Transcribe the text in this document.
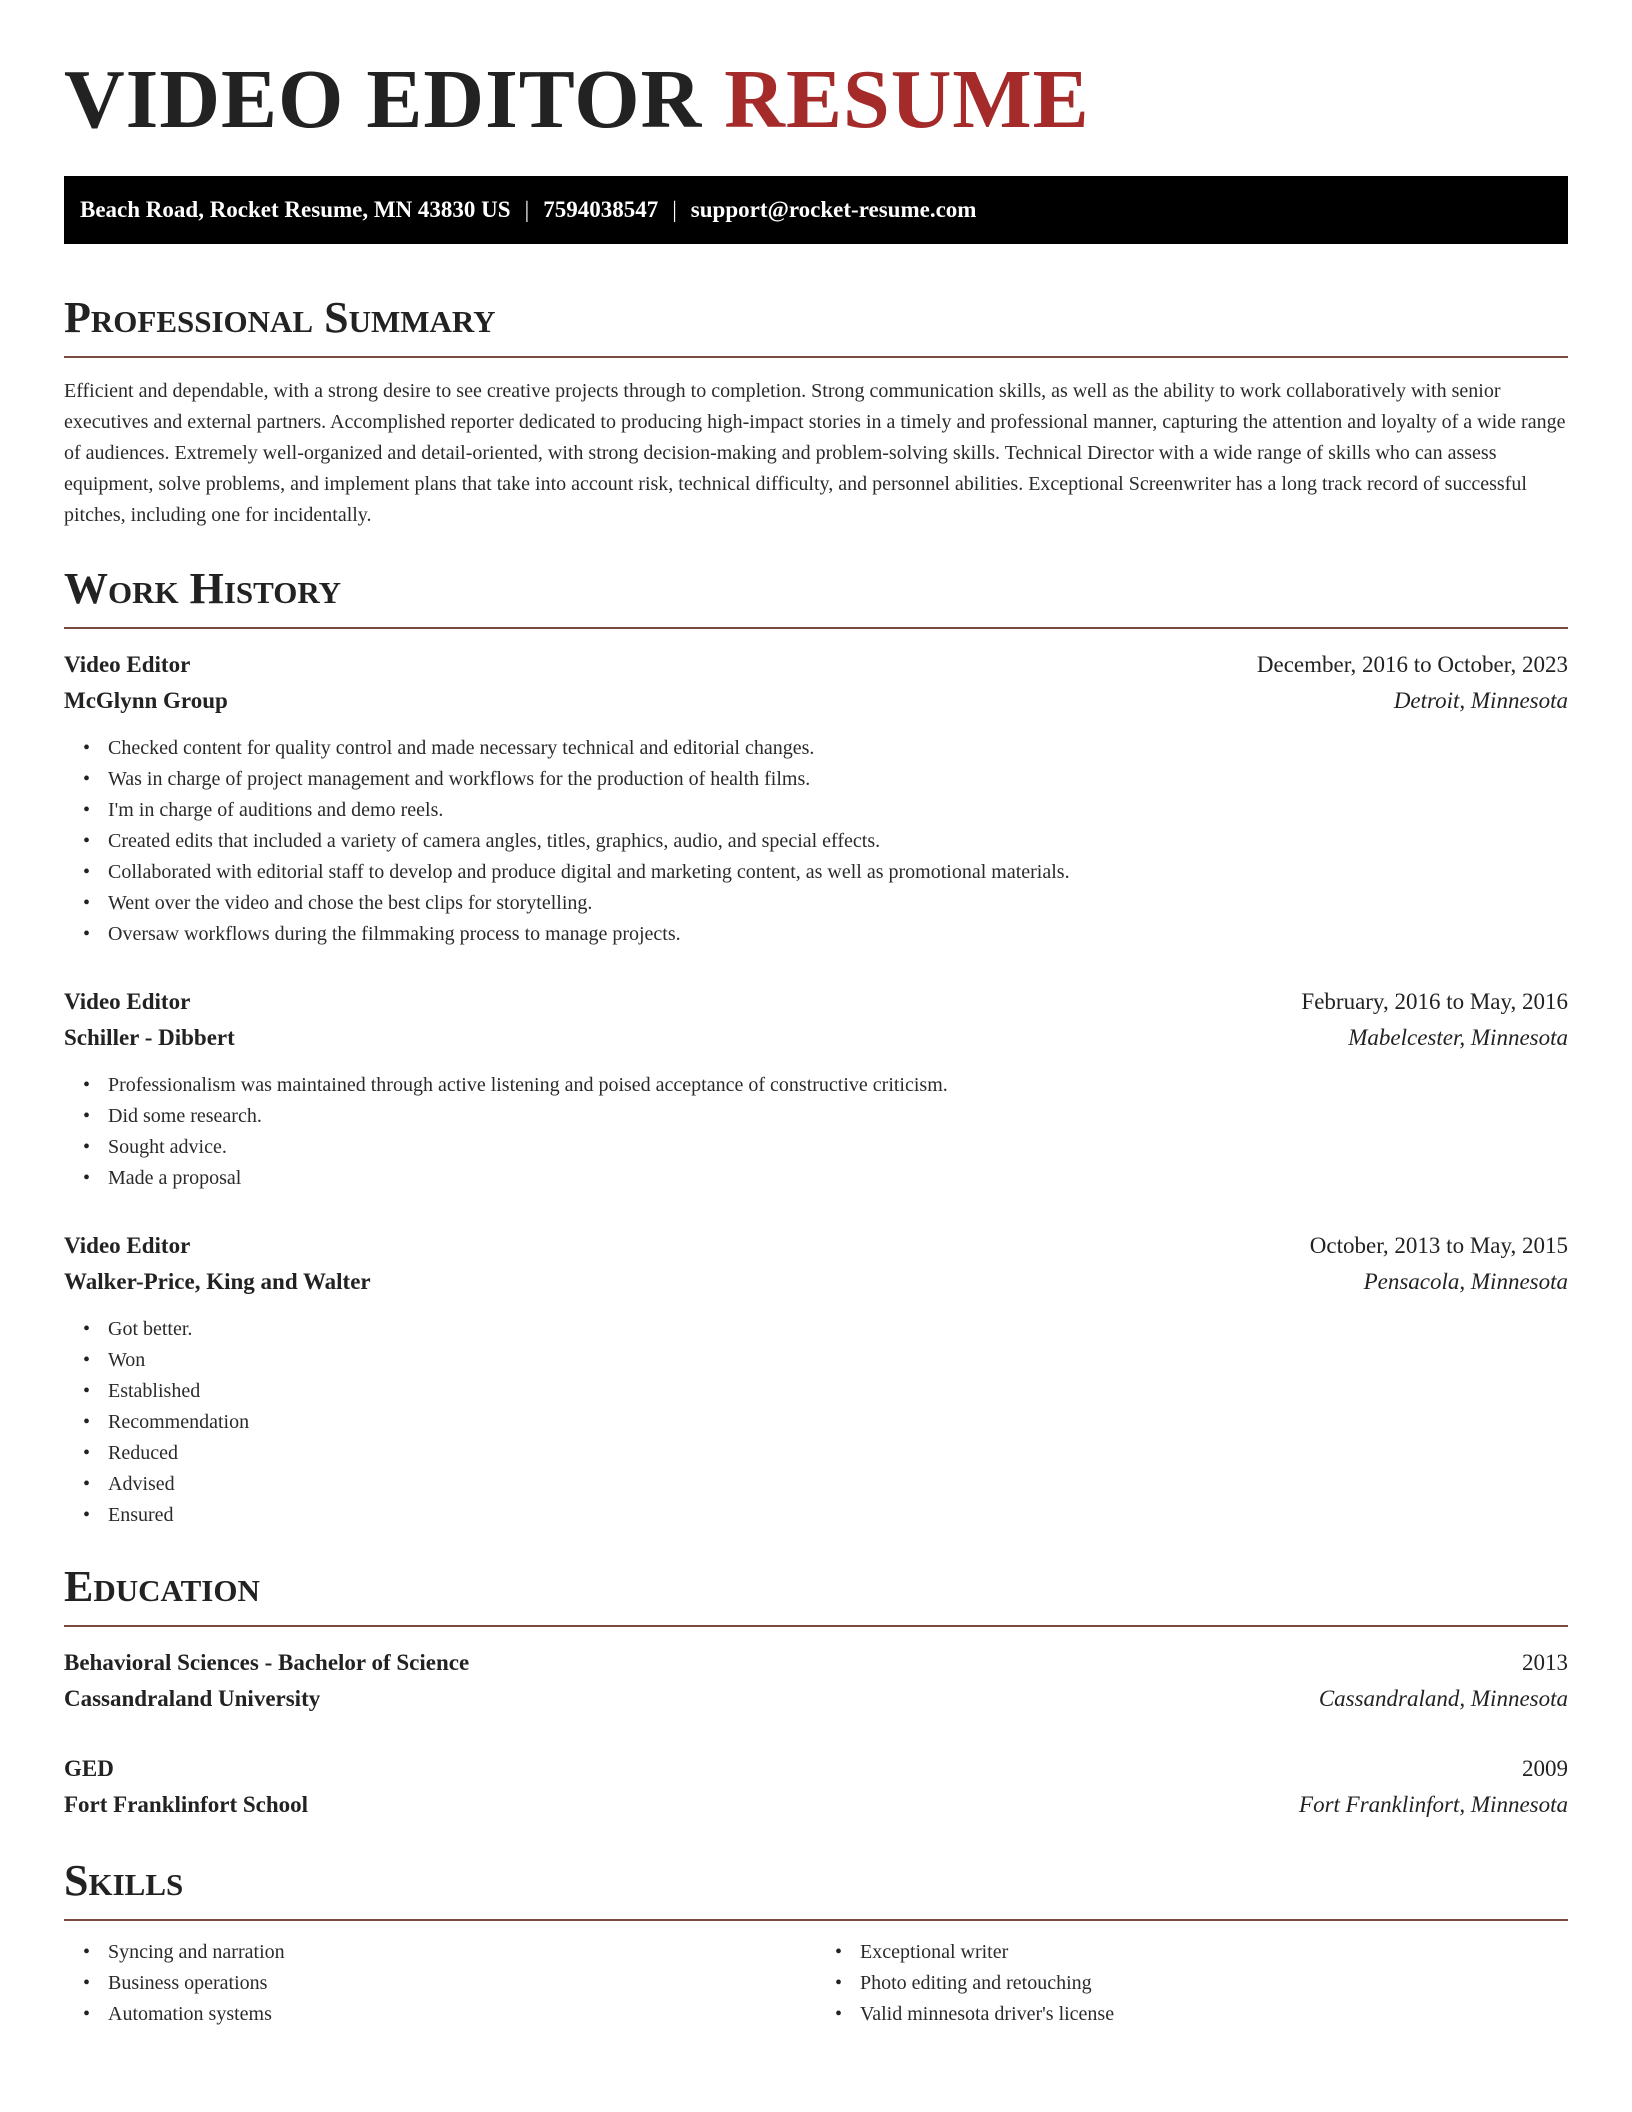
VIDEO EDITOR RESUME
Beach Road, Rocket Resume, MN 43830 US | 7594038547 | support@rocket-resume.com
Professional Summary

Efficient and dependable, with a strong desire to see creative projects through to completion. Strong communication skills, as well as the ability to work collaboratively with senior executives and external partners. Accomplished reporter dedicated to producing high-impact stories in a timely and professional manner, capturing the attention and loyalty of a wide range of audiences. Extremely well-organized and detail-oriented, with strong decision-making and problem-solving skills. Technical Director with a wide range of skills who can assess equipment, solve problems, and implement plans that take into account risk, technical difficulty, and personnel abilities. Exceptional Screenwriter has a long track record of successful pitches, including one for incidentally.

Work History
Video Editor	December, 2016 to October, 2023
McGlynn Group	Detroit, Minnesota
• Checked content for quality control and made necessary technical and editorial changes.
• Was in charge of project management and workflows for the production of health films.
• I'm in charge of auditions and demo reels.
• Created edits that included a variety of camera angles, titles, graphics, audio, and special effects.
• Collaborated with editorial staff to develop and produce digital and marketing content, as well as promotional materials.
• Went over the video and chose the best clips for storytelling.
• Oversaw workflows during the filmmaking process to manage projects.
Video Editor	February, 2016 to May, 2016
Schiller - Dibbert	Mabelcester, Minnesota
• Professionalism was maintained through active listening and poised acceptance of constructive criticism.
• Did some research.
• Sought advice.
• Made a proposal
Video Editor	October, 2013 to May, 2015
Walker-Price, King and Walter	Pensacola, Minnesota
• Got better.
• Won
• Established
• Recommendation
• Reduced
• Advised
• Ensured
Education
Behavioral Sciences - Bachelor of Science	2013
Cassandraland University	Cassandraland, Minnesota
GED	2009
Fort Franklinfort School	Fort Franklinfort, Minnesota
Skills
• Syncing and narration
• Business operations
• Automation systems
• Exceptional writer
• Photo editing and retouching
• Valid minnesota driver's license
